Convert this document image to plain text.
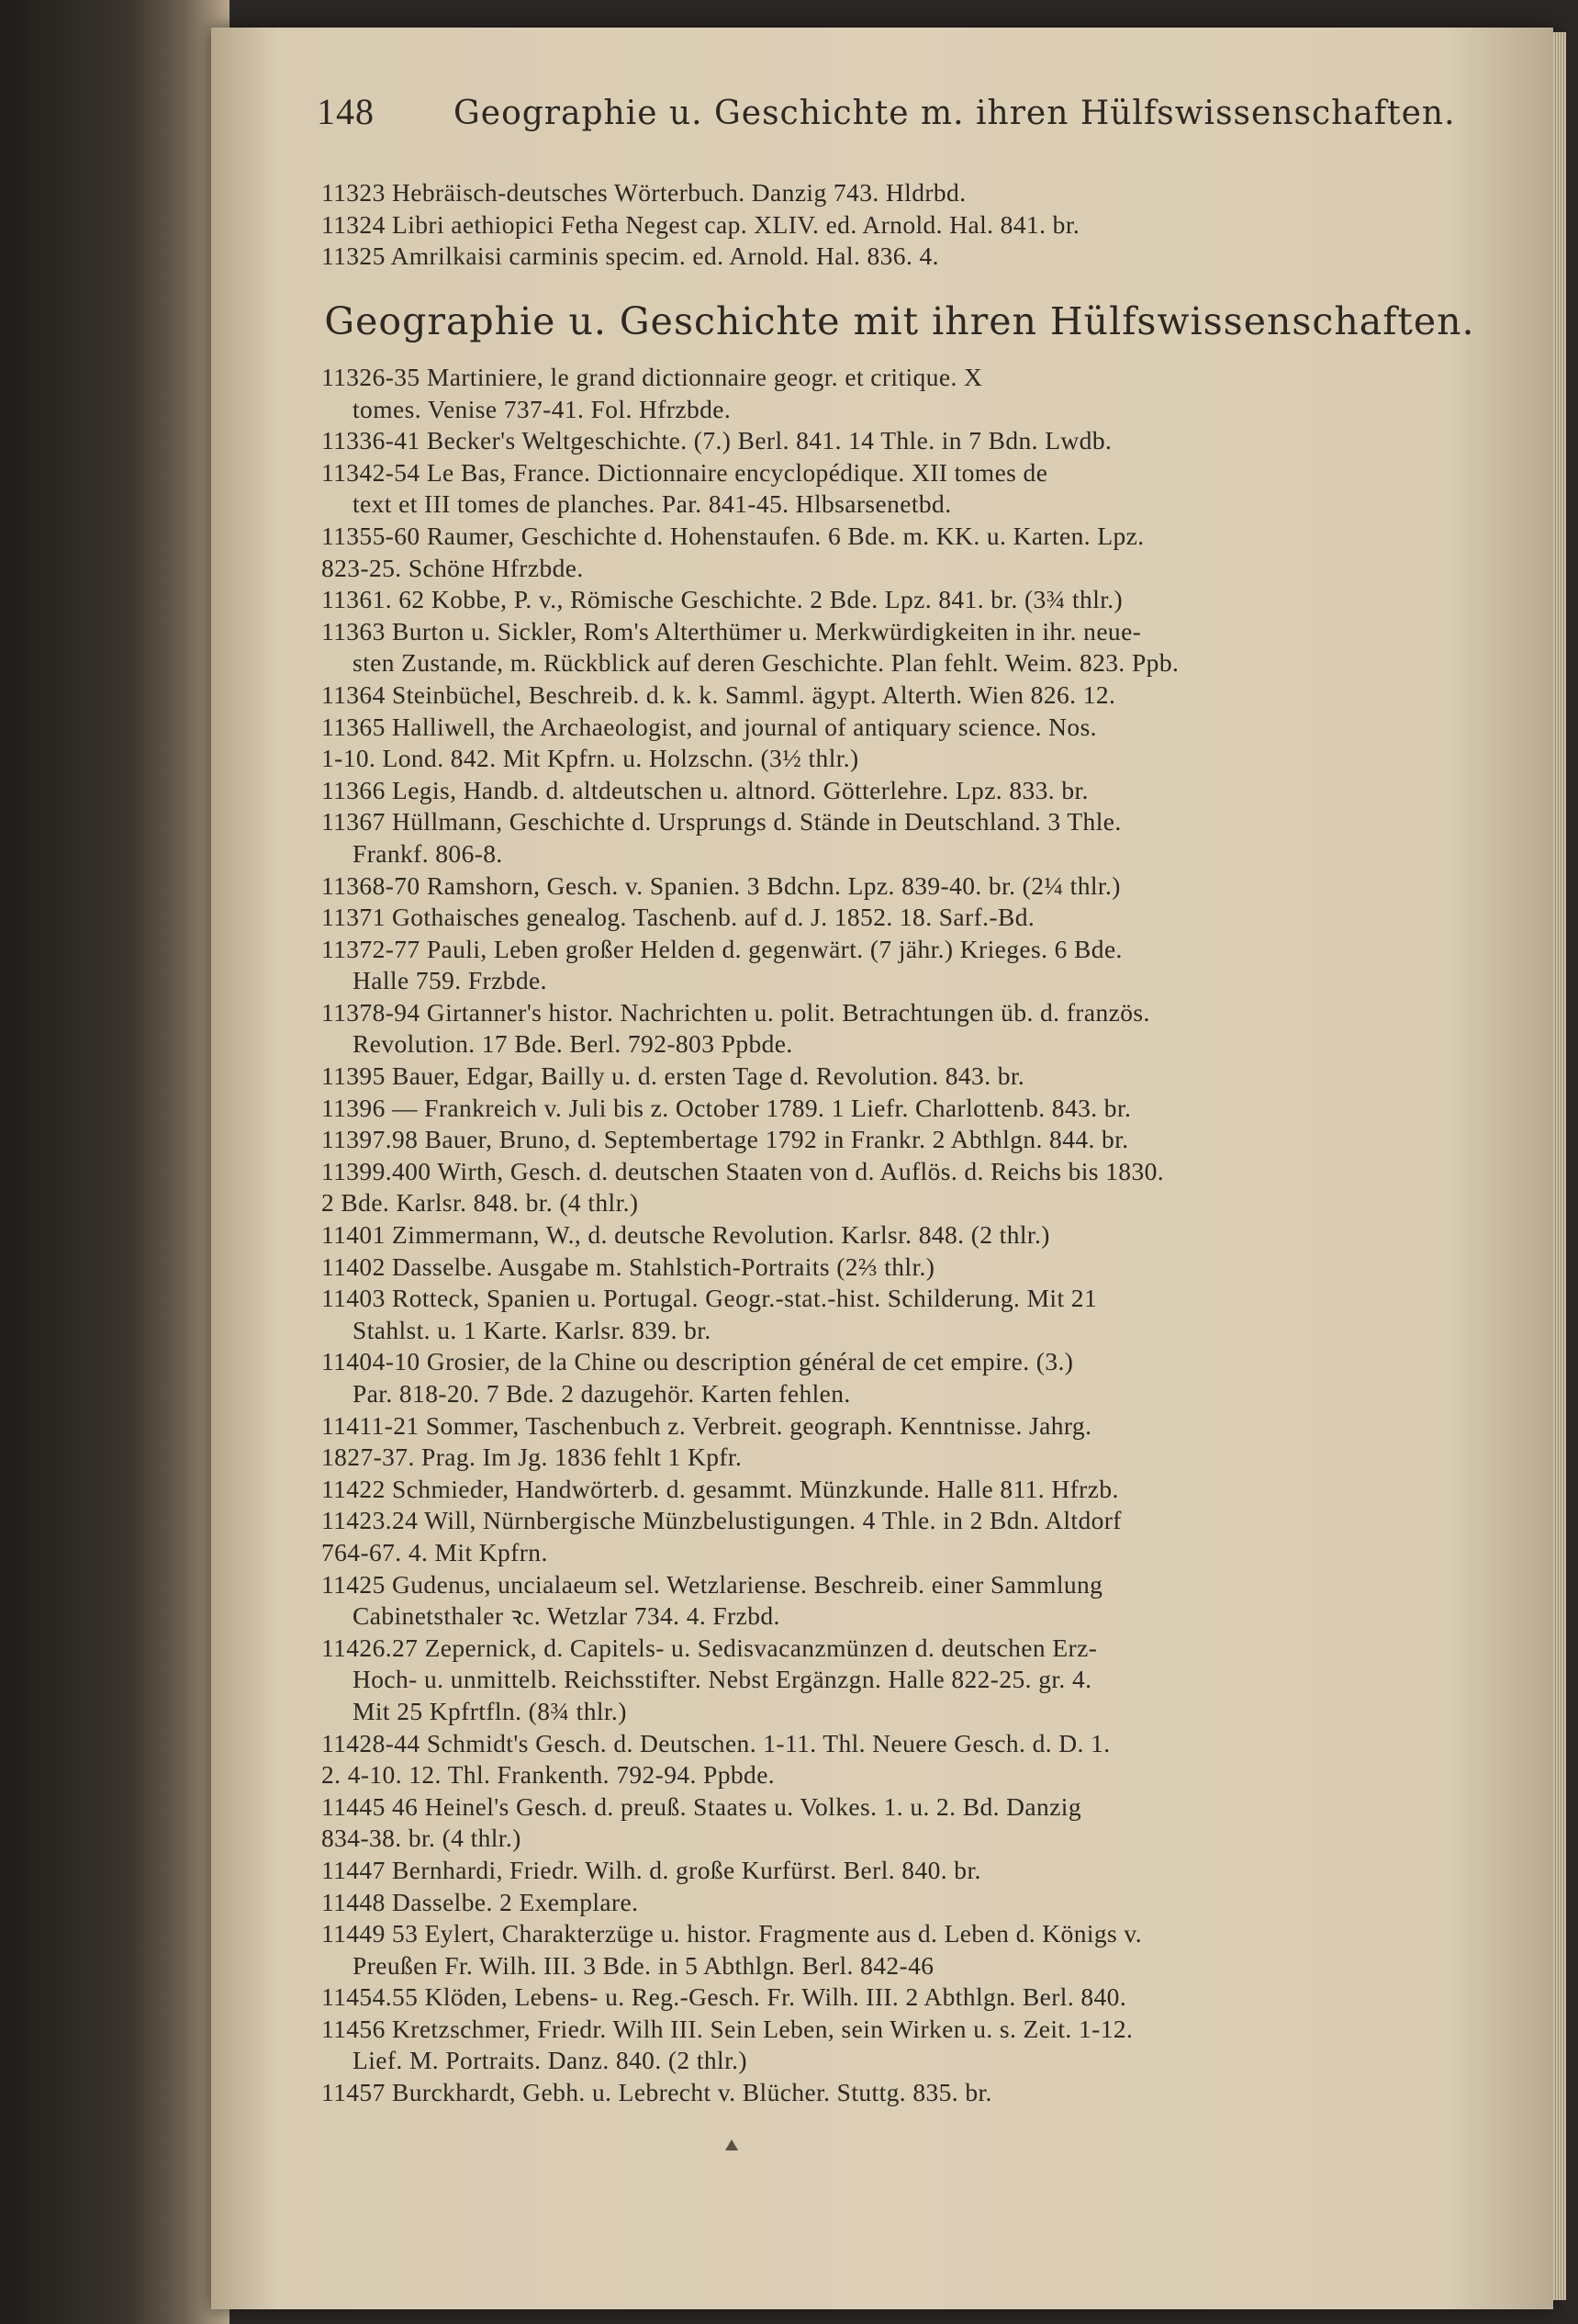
148 Geographie u. Geschichte m. ihren Hülfswissenschaften.
11323 Hebräisch-deutsches Wörterbuch. Danzig 743. Hldrbd.
11324 Libri aethiopici Fetha Negest cap. XLIV. ed. Arnold. Hal. 841. br.
11325 Amrilkaisi carminis specim. ed. Arnold. Hal. 836. 4.
Geographie u. Geschichte mit ihren Hülfswissenschaften.
11326-35 Martiniere, le grand dictionnaire geogr. et critique. X
tomes. Venise 737-41. Fol. Hfrzbde.
11336-41 Becker's Weltgeschichte. (7.) Berl. 841. 14 Thle. in 7 Bdn. Lwdb.
11342-54 Le Bas, France. Dictionnaire encyclopédique. XII tomes de
text et III tomes de planches. Par. 841-45. Hlbsarsenetbd.
11355-60 Raumer, Geschichte d. Hohenstaufen. 6 Bde. m. KK. u. Karten. Lpz.
823-25. Schöne Hfrzbde.
11361. 62 Kobbe, P. v., Römische Geschichte. 2 Bde. Lpz. 841. br. (3¾ thlr.)
11363 Burton u. Sickler, Rom's Alterthümer u. Merkwürdigkeiten in ihr. neue-
sten Zustande, m. Rückblick auf deren Geschichte. Plan fehlt. Weim. 823. Ppb.
11364 Steinbüchel, Beschreib. d. k. k. Samml. ägypt. Alterth. Wien 826. 12.
11365 Halliwell, the Archaeologist, and journal of antiquary science. Nos.
1-10. Lond. 842. Mit Kpfrn. u. Holzschn. (3½ thlr.)
11366 Legis, Handb. d. altdeutschen u. altnord. Götterlehre. Lpz. 833. br.
11367 Hüllmann, Geschichte d. Ursprungs d. Stände in Deutschland. 3 Thle.
Frankf. 806-8.
11368-70 Ramshorn, Gesch. v. Spanien. 3 Bdchn. Lpz. 839-40. br. (2¼ thlr.)
11371 Gothaisches genealog. Taschenb. auf d. J. 1852. 18. Sarf.-Bd.
11372-77 Pauli, Leben großer Helden d. gegenwärt. (7 jähr.) Krieges. 6 Bde.
Halle 759. Frzbde.
11378-94 Girtanner's histor. Nachrichten u. polit. Betrachtungen üb. d. französ.
Revolution. 17 Bde. Berl. 792-803 Ppbde.
11395 Bauer, Edgar, Bailly u. d. ersten Tage d. Revolution. 843. br.
11396 — Frankreich v. Juli bis z. October 1789. 1 Liefr. Charlottenb. 843. br.
11397.98 Bauer, Bruno, d. Septembertage 1792 in Frankr. 2 Abthlgn. 844. br.
11399.400 Wirth, Gesch. d. deutschen Staaten von d. Auflös. d. Reichs bis 1830.
2 Bde. Karlsr. 848. br. (4 thlr.)
11401 Zimmermann, W., d. deutsche Revolution. Karlsr. 848. (2 thlr.)
11402 Dasselbe. Ausgabe m. Stahlstich-Portraits (2⅔ thlr.)
11403 Rotteck, Spanien u. Portugal. Geogr.-stat.-hist. Schilderung. Mit 21
Stahlst. u. 1 Karte. Karlsr. 839. br.
11404-10 Grosier, de la Chine ou description général de cet empire. (3.)
Par. 818-20. 7 Bde. 2 dazugehör. Karten fehlen.
11411-21 Sommer, Taschenbuch z. Verbreit. geograph. Kenntnisse. Jahrg.
1827-37. Prag. Im Jg. 1836 fehlt 1 Kpfr.
11422 Schmieder, Handwörterb. d. gesammt. Münzkunde. Halle 811. Hfrzb.
11423.24 Will, Nürnbergische Münzbelustigungen. 4 Thle. in 2 Bdn. Altdorf
764-67. 4. Mit Kpfrn.
11425 Gudenus, uncialaeum sel. Wetzlariense. Beschreib. einer Sammlung
Cabinetsthaler ꝛc. Wetzlar 734. 4. Frzbd.
11426.27 Zepernick, d. Capitels- u. Sedisvacanzmünzen d. deutschen Erz-
Hoch- u. unmittelb. Reichsstifter. Nebst Ergänzgn. Halle 822-25. gr. 4.
Mit 25 Kpfrtfln. (8¾ thlr.)
11428-44 Schmidt's Gesch. d. Deutschen. 1-11. Thl. Neuere Gesch. d. D. 1.
2. 4-10. 12. Thl. Frankenth. 792-94. Ppbde.
11445 46 Heinel's Gesch. d. preuß. Staates u. Volkes. 1. u. 2. Bd. Danzig
834-38. br. (4 thlr.)
11447 Bernhardi, Friedr. Wilh. d. große Kurfürst. Berl. 840. br.
11448 Dasselbe. 2 Exemplare.
11449 53 Eylert, Charakterzüge u. histor. Fragmente aus d. Leben d. Königs v.
Preußen Fr. Wilh. III. 3 Bde. in 5 Abthlgn. Berl. 842-46
11454.55 Klöden, Lebens- u. Reg.-Gesch. Fr. Wilh. III. 2 Abthlgn. Berl. 840.
11456 Kretzschmer, Friedr. Wilh III. Sein Leben, sein Wirken u. s. Zeit. 1-12.
Lief. M. Portraits. Danz. 840. (2 thlr.)
11457 Burckhardt, Gebh. u. Lebrecht v. Blücher. Stuttg. 835. br.
